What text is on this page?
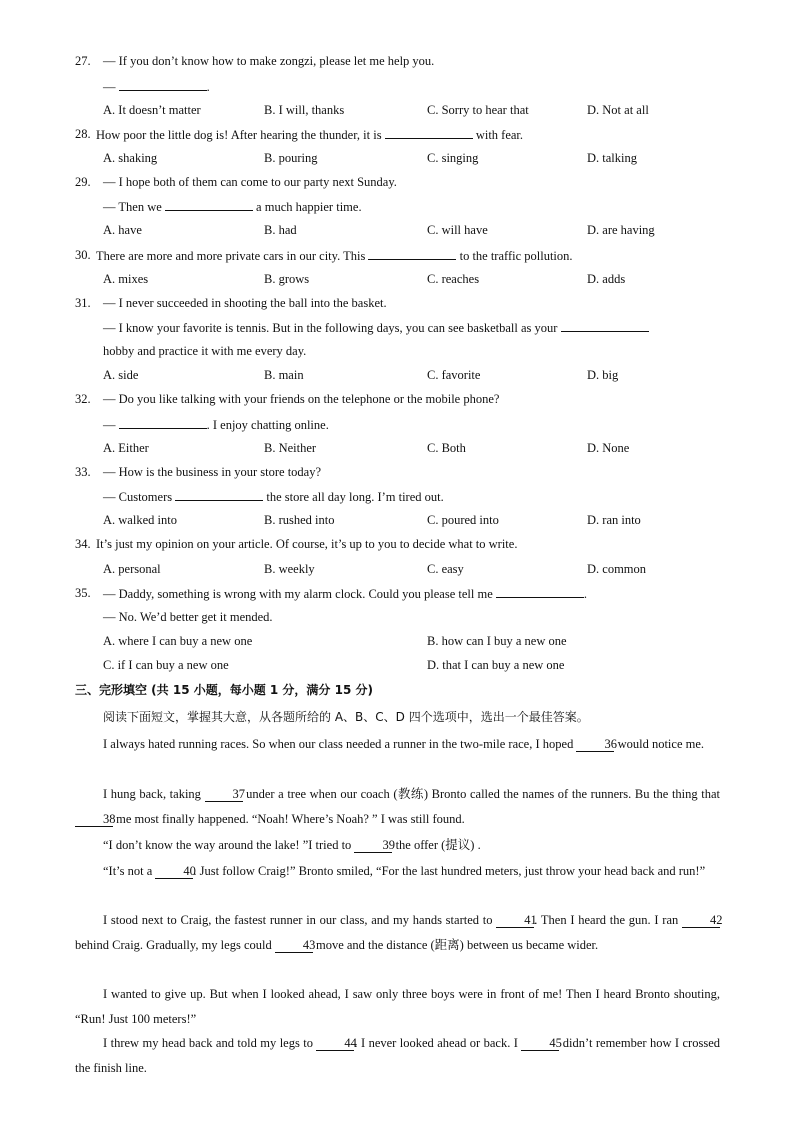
27. — If you don’t know how to make zongzi, please let me help you.
—	.
A. It doesn’t matter	B. I will, thanks	C. Sorry to hear that	D. Not at all
28. How poor the little dog is! After hearing the thunder, it is	with fear.
A. shaking	B. pouring	C. singing	D. talking
29. — I hope both of them can come to our party next Sunday.
— Then we	a much happier time.
A. have	B. had	C. will have	D. are having
30. There are more and more private cars in our city. This	to the traffic pollution.
A. mixes	B. grows	C. reaches	D. adds
31. — I never succeeded in shooting the ball into the basket.
— I know your favorite is tennis. But in the following days, you can see basketball as your
hobby and practice it with me every day.
A. side	B. main	C. favorite	D. big
32. — Do you like talking with your friends on the telephone or the mobile phone?
—	. I enjoy chatting online.
A. Either	B. Neither	C. Both	D. None
33. — How is the business in your store today?
— Customers	the store all day long. I’m tired out.
A. walked into	B. rushed into	C. poured into	D. ran into
34. It’s just my opinion on your article. Of course, it’s up to you to decide what to write.
A. personal	B. weekly	C. easy	D. common
35. — Daddy, something is wrong with my alarm clock. Could you please tell me	.
— No. We’d better get it mended.
A. where I can buy a new one	B. how can I buy a new one
C. if I can buy a new one	D. that I can buy a new one
三、完形填空 (共 15 小题，每小题 1 分，满分 15 分)
阅读下面短文，掌握其大意，从各题所给的 A、B、C、D 四个选项中，选出一个最佳答案。
I always hated running races. So when our class needed a runner in the two-mile race, I hoped 36 would notice me.
I hung back, taking 37 under a tree when our coach (教练) Bronto called the names of the runners. Bu the thing that 38 me most finally happened. “Noah! Where’s Noah? ” I was still found.
“I don’t know the way around the lake! ”I tried to 39 the offer (提议) .
“It’s not a 40. Just follow Craig!” Bronto smiled, “For the last hundred meters, just throw your head back and run!”
I stood next to Craig, the fastest runner in our class, and my hands started to 41. Then I heard the gun. I ran 42 behind Craig. Gradually, my legs could 43 move and the distance (距离) between us became wider.
I wanted to give up. But when I looked ahead, I saw only three boys were in front of me! Then I heard Bronto shouting, “Run! Just 100 meters!”
I threw my head back and told my legs to 44. I never looked ahead or back. I 45 didn’t remember how I crossed the finish line.
